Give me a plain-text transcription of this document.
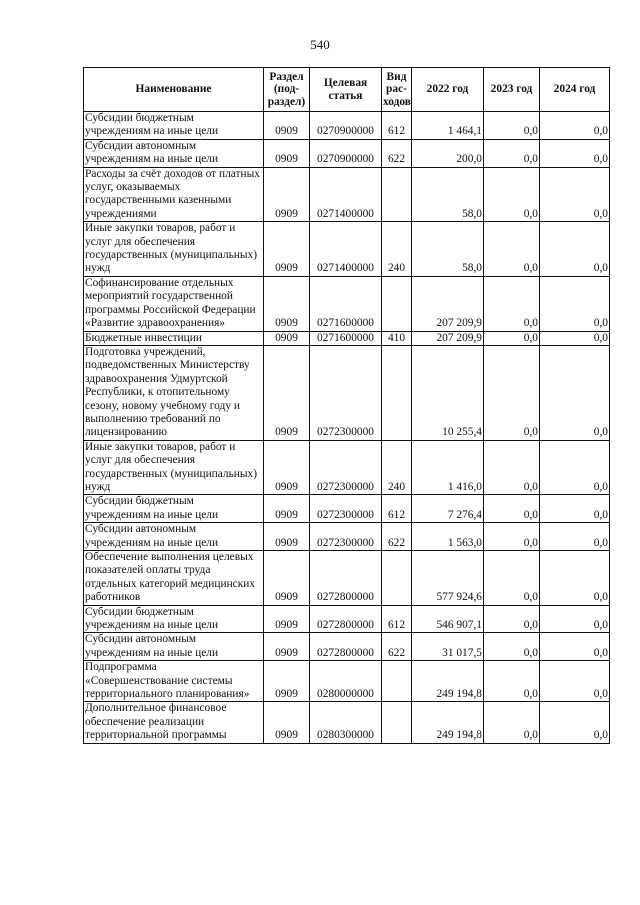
540
Наименование	Раздел (под-раздел)	Целевая статья	Вид рас-ходов	2022 год	2023 год	2024 год
Субсидии бюджетным учреждениям на иные цели	0909	0270900000	612	1 464,1	0,0	0,0
Субсидии автономным учреждениям на иные цели	0909	0270900000	622	200,0	0,0	0,0
Расходы за счёт доходов от платных услуг, оказываемых государственными казенными учреждениями	0909	0271400000		58,0	0,0	0,0
Иные закупки товаров, работ и услуг для обеспечения государственных (муниципальных) нужд	0909	0271400000	240	58,0	0,0	0,0
Софинансирование отдельных мероприятий государственной программы Российской Федерации «Развитие здравоохранения»	0909	0271600000		207 209,9	0,0	0,0
Бюджетные инвестиции	0909	0271600000	410	207 209,9	0,0	0,0
Подготовка учреждений, подведомственных Министерству здравоохранения Удмуртской Республики, к отопительному сезону, новому учебному году и выполнению требований по лицензированию	0909	0272300000		10 255,4	0,0	0,0
Иные закупки товаров, работ и услуг для обеспечения государственных (муниципальных) нужд	0909	0272300000	240	1 416,0	0,0	0,0
Субсидии бюджетным учреждениям на иные цели	0909	0272300000	612	7 276,4	0,0	0,0
Субсидии автономным учреждениям на иные цели	0909	0272300000	622	1 563,0	0,0	0,0
Обеспечение выполнения целевых показателей оплаты труда отдельных категорий медицинских работников	0909	0272800000		577 924,6	0,0	0,0
Субсидии бюджетным учреждениям на иные цели	0909	0272800000	612	546 907,1	0,0	0,0
Субсидии автономным учреждениям на иные цели	0909	0272800000	622	31 017,5	0,0	0,0
Подпрограмма «Совершенствование системы территориального планирования»	0909	0280000000		249 194,8	0,0	0,0
Дополнительное финансовое обеспечение реализации территориальной программы	0909	0280300000		249 194,8	0,0	0,0
